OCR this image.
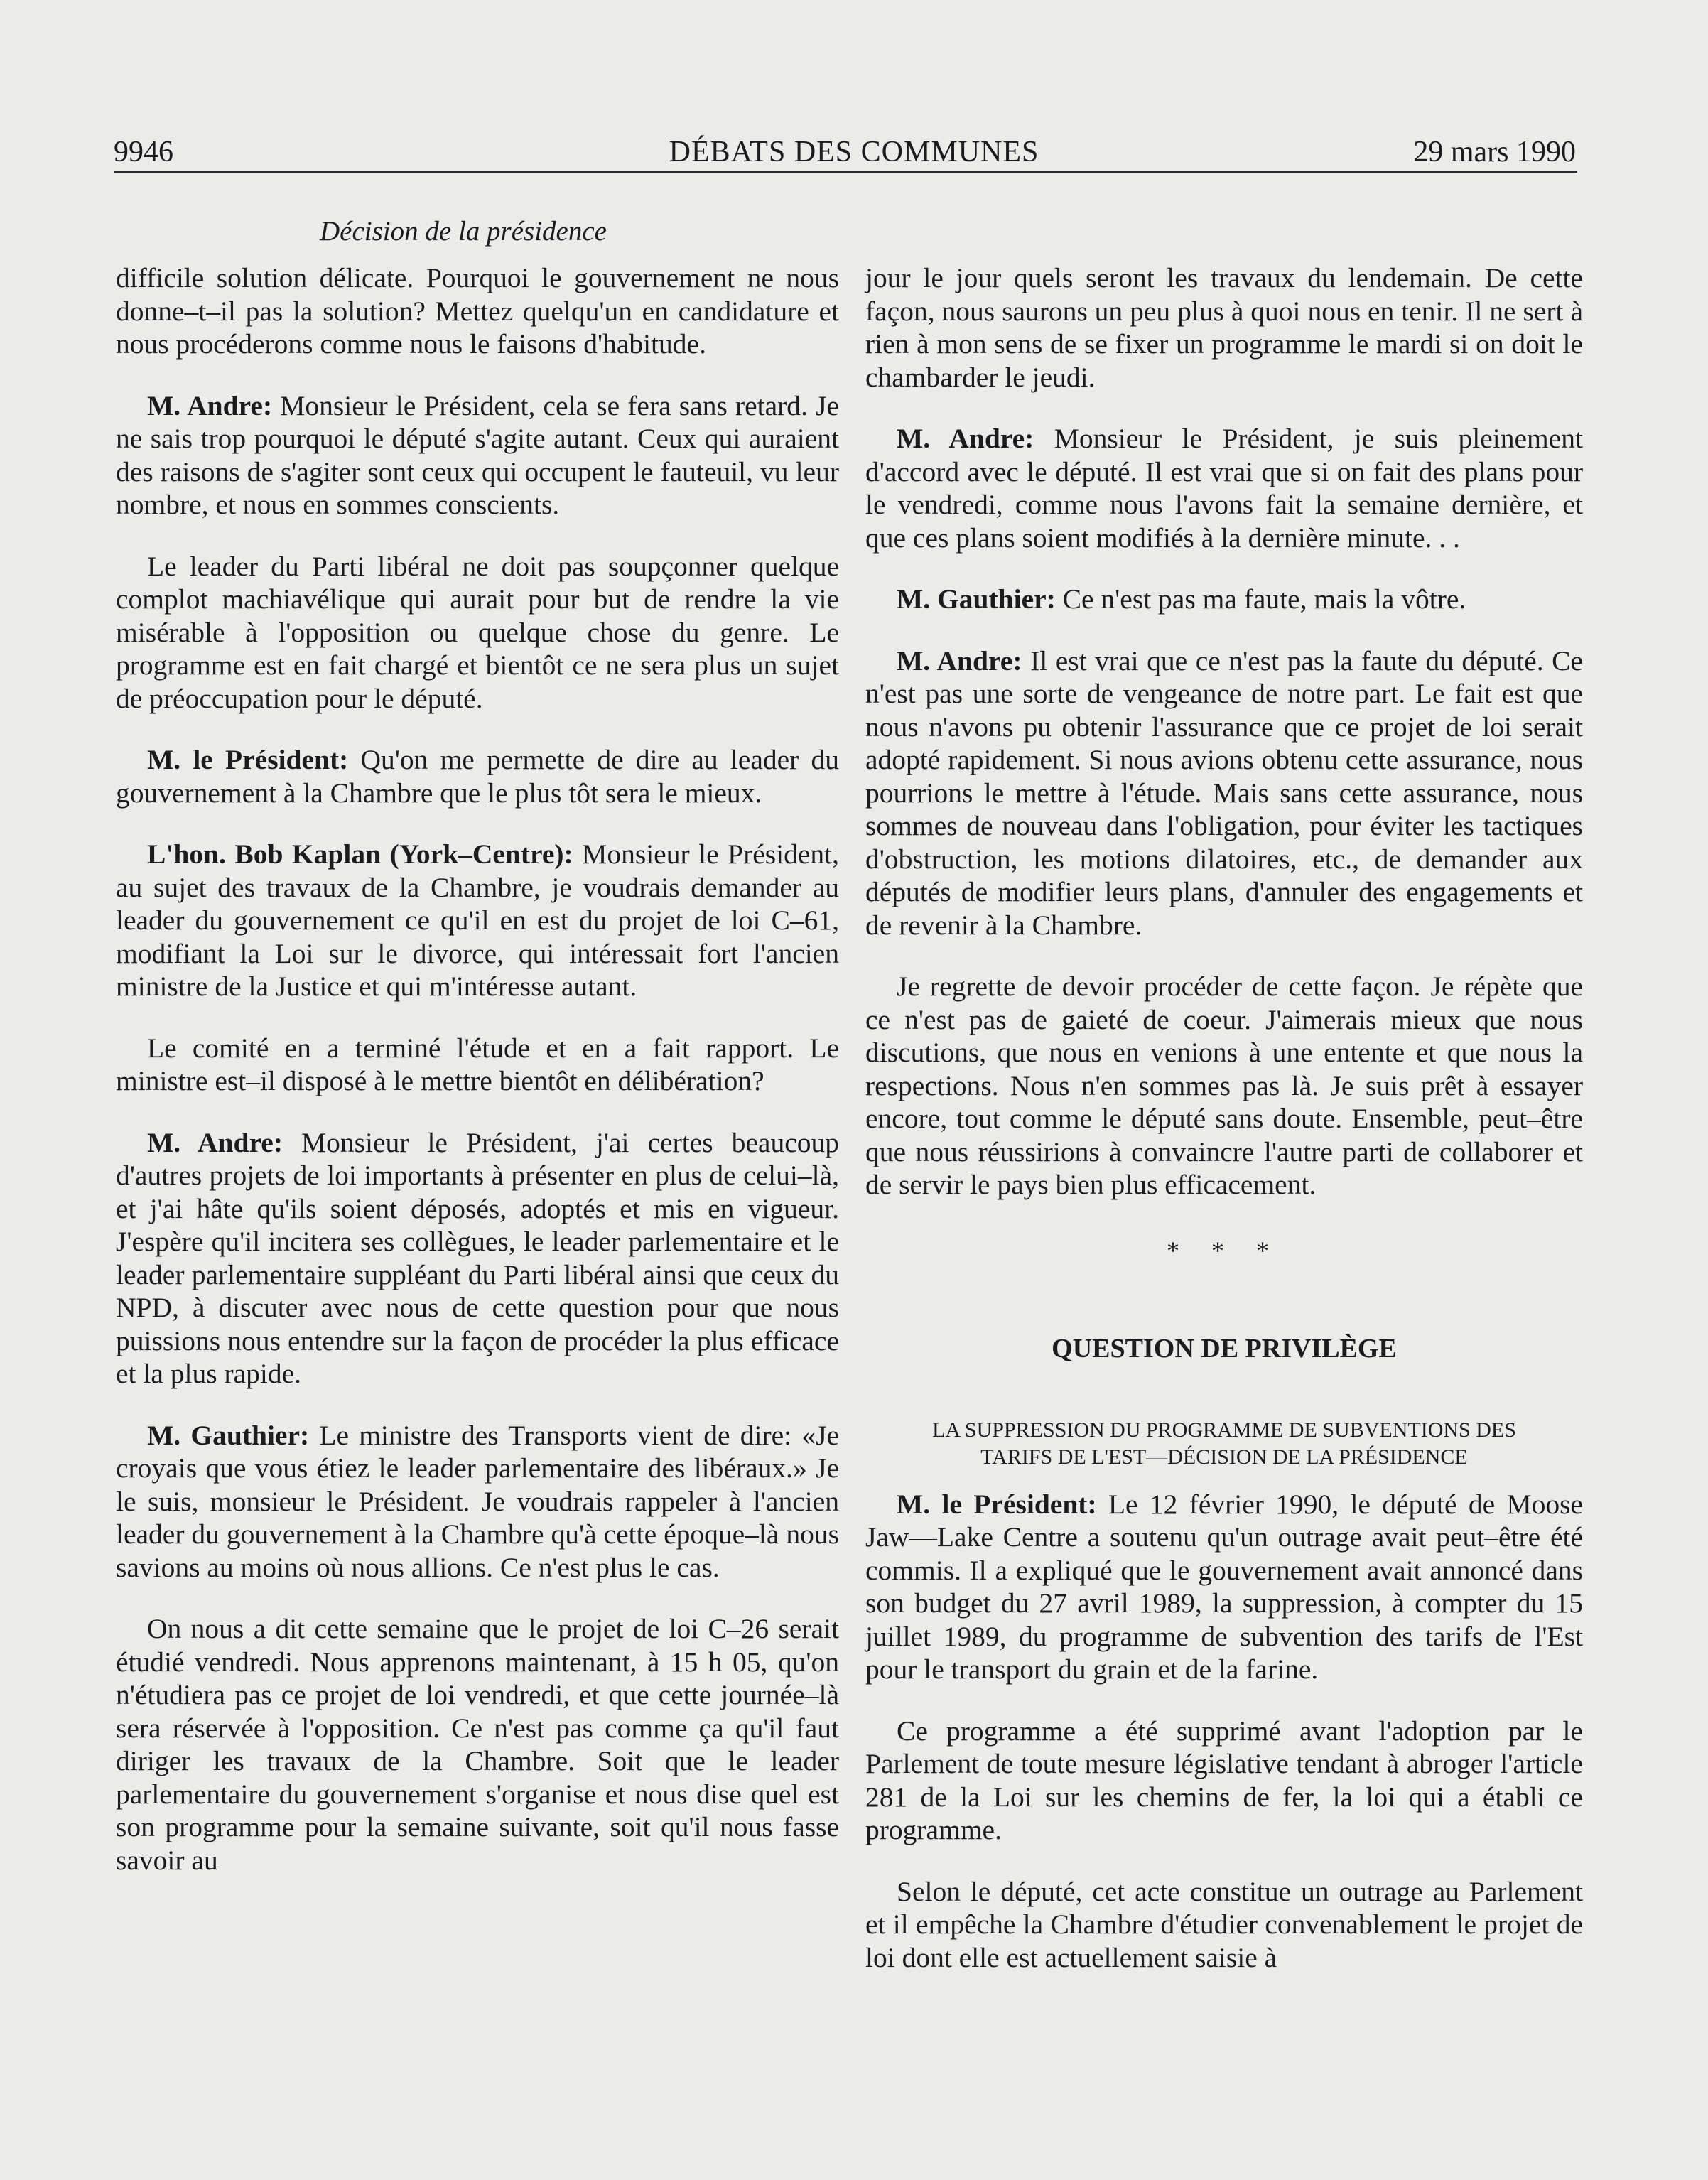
9946	DÉBATS DES COMMUNES	29 mars 1990
Décision de la présidence

difficile solution délicate. Pourquoi le gouvernement ne nous donne–t–il pas la solution? Mettez quelqu'un en candidature et nous procéderons comme nous le faisons d'habitude.

M. Andre: Monsieur le Président, cela se fera sans retard. Je ne sais trop pourquoi le député s'agite autant. Ceux qui auraient des raisons de s'agiter sont ceux qui occupent le fauteuil, vu leur nombre, et nous en sommes conscients.

Le leader du Parti libéral ne doit pas soupçonner quelque complot machiavélique qui aurait pour but de rendre la vie misérable à l'opposition ou quelque chose du genre. Le programme est en fait chargé et bientôt ce ne sera plus un sujet de préoccupation pour le député.

M. le Président: Qu'on me permette de dire au leader du gouvernement à la Chambre que le plus tôt sera le mieux.

L'hon. Bob Kaplan (York–Centre): Monsieur le Président, au sujet des travaux de la Chambre, je voudrais demander au leader du gouvernement ce qu'il en est du projet de loi C–61, modifiant la Loi sur le divorce, qui intéressait fort l'ancien ministre de la Justice et qui m'intéresse autant.

Le comité en a terminé l'étude et en a fait rapport. Le ministre est–il disposé à le mettre bientôt en délibération?

M. Andre: Monsieur le Président, j'ai certes beaucoup d'autres projets de loi importants à présenter en plus de celui–là, et j'ai hâte qu'ils soient déposés, adoptés et mis en vigueur. J'espère qu'il incitera ses collègues, le leader parlementaire et le leader parlementaire suppléant du Parti libéral ainsi que ceux du NPD, à discuter avec nous de cette question pour que nous puissions nous entendre sur la façon de procéder la plus efficace et la plus rapide.

M. Gauthier: Le ministre des Transports vient de dire: «Je croyais que vous étiez le leader parlementaire des libéraux.» Je le suis, monsieur le Président. Je voudrais rappeler à l'ancien leader du gouvernement à la Chambre qu'à cette époque–là nous savions au moins où nous allions. Ce n'est plus le cas.

On nous a dit cette semaine que le projet de loi C–26 serait étudié vendredi. Nous apprenons maintenant, à 15 h 05, qu'on n'étudiera pas ce projet de loi vendredi, et que cette journée–là sera réservée à l'opposition. Ce n'est pas comme ça qu'il faut diriger les travaux de la Chambre. Soit que le leader parlementaire du gouvernement s'organise et nous dise quel est son programme pour la semaine suivante, soit qu'il nous fasse savoir au

jour le jour quels seront les travaux du lendemain. De cette façon, nous saurons un peu plus à quoi nous en tenir. Il ne sert à rien à mon sens de se fixer un programme le mardi si on doit le chambarder le jeudi.

M. Andre: Monsieur le Président, je suis pleinement d'accord avec le député. Il est vrai que si on fait des plans pour le vendredi, comme nous l'avons fait la semaine dernière, et que ces plans soient modifiés à la dernière minute. . .

M. Gauthier: Ce n'est pas ma faute, mais la vôtre.

M. Andre: Il est vrai que ce n'est pas la faute du député. Ce n'est pas une sorte de vengeance de notre part. Le fait est que nous n'avons pu obtenir l'assurance que ce projet de loi serait adopté rapidement. Si nous avions obtenu cette assurance, nous pourrions le mettre à l'étude. Mais sans cette assurance, nous sommes de nouveau dans l'obligation, pour éviter les tactiques d'obstruction, les motions dilatoires, etc., de demander aux députés de modifier leurs plans, d'annuler des engagements et de revenir à la Chambre.

Je regrette de devoir procéder de cette façon. Je répète que ce n'est pas de gaieté de coeur. J'aimerais mieux que nous discutions, que nous en venions à une entente et que nous la respections. Nous n'en sommes pas là. Je suis prêt à essayer encore, tout comme le député sans doute. Ensemble, peut–être que nous réussirions à convaincre l'autre parti de collaborer et de servir le pays bien plus efficacement.

* * *
QUESTION DE PRIVILÈGE
LA SUPPRESSION DU PROGRAMME DE SUBVENTIONS DES
TARIFS DE L'EST—DÉCISION DE LA PRÉSIDENCE

M. le Président: Le 12 février 1990, le député de Moose Jaw—Lake Centre a soutenu qu'un outrage avait peut–être été commis. Il a expliqué que le gouvernement avait annoncé dans son budget du 27 avril 1989, la suppression, à compter du 15 juillet 1989, du programme de subvention des tarifs de l'Est pour le transport du grain et de la farine.

Ce programme a été supprimé avant l'adoption par le Parlement de toute mesure législative tendant à abroger l'article 281 de la Loi sur les chemins de fer, la loi qui a établi ce programme.

Selon le député, cet acte constitue un outrage au Parlement et il empêche la Chambre d'étudier convenablement le projet de loi dont elle est actuellement saisie à
